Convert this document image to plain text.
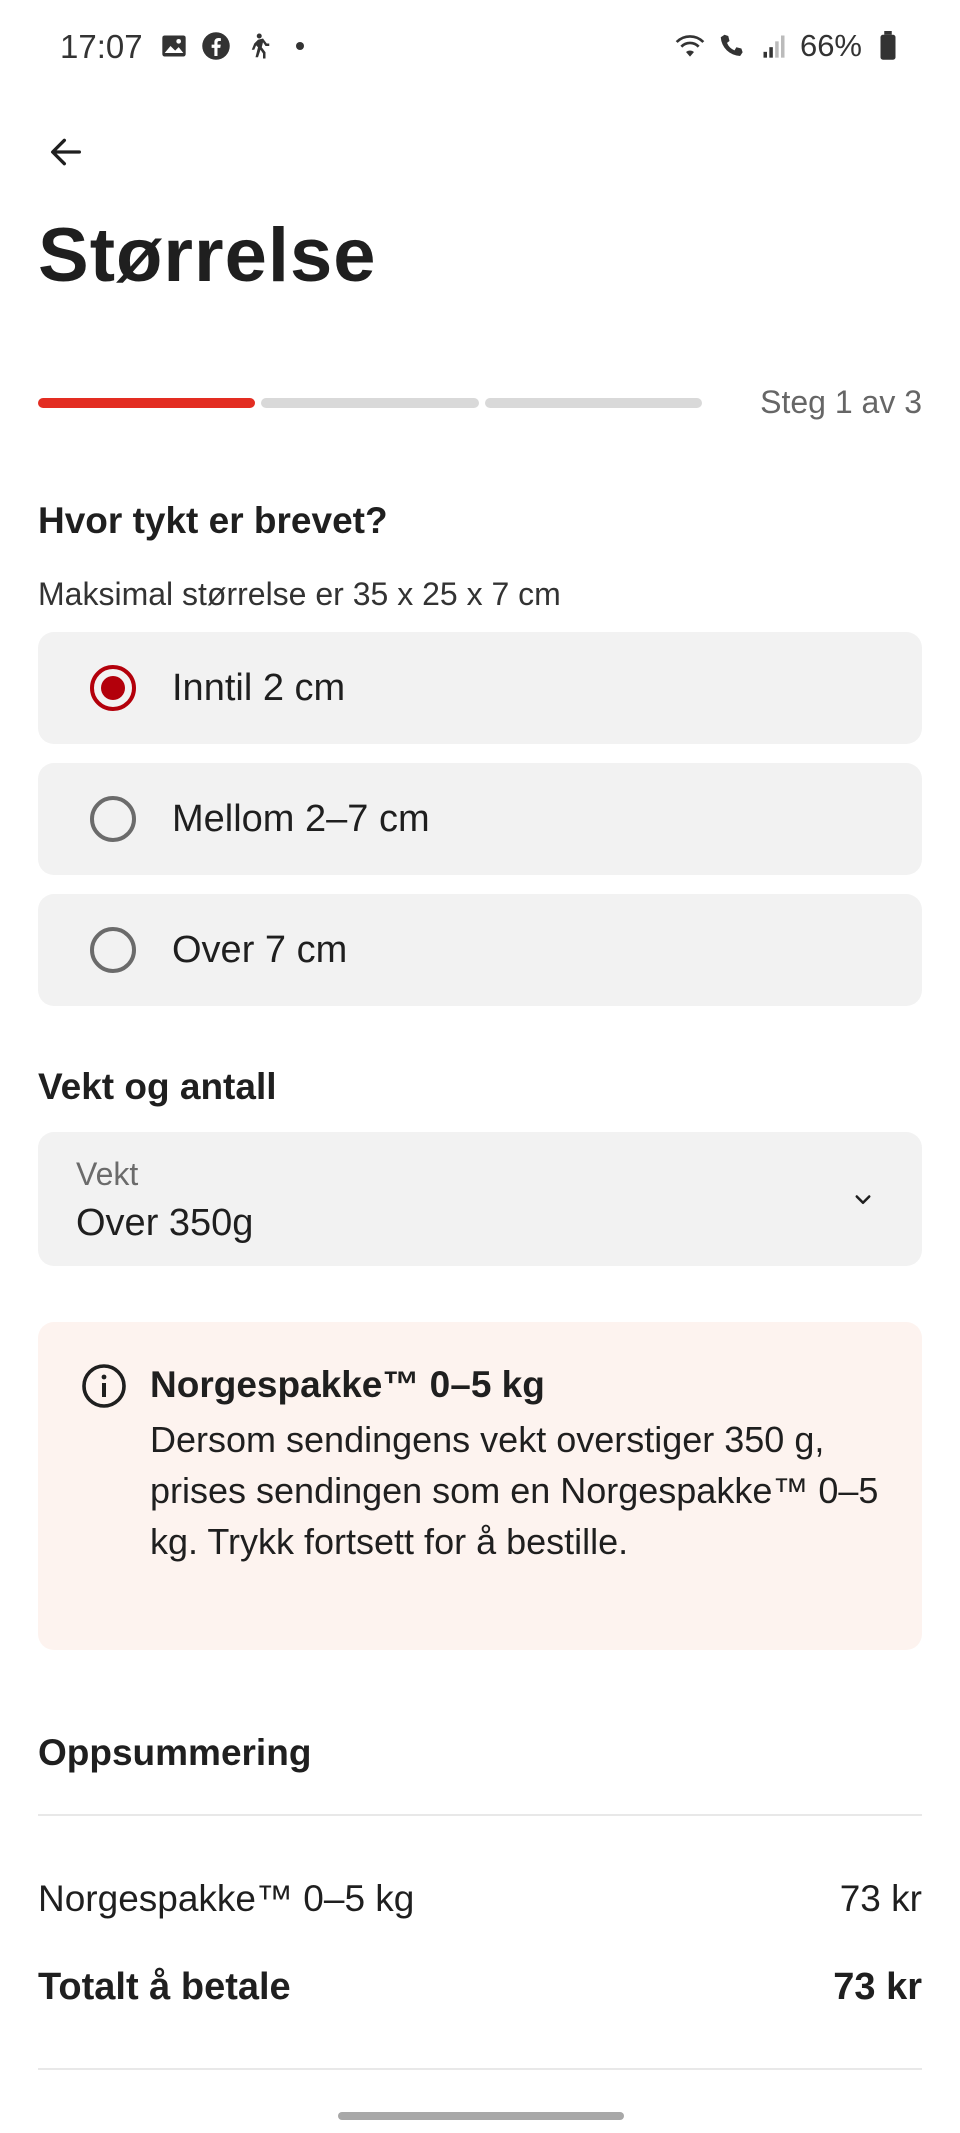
17:07	66%
Størrelse
Steg 1 av 3
Hvor tykt er brevet?
Maksimal størrelse er 35 x 25 x 7 cm
Inntil 2 cm
Mellom 2–7 cm
Over 7 cm
Vekt og antall
Vekt
Over 350g
Norgespakke™ 0–5 kg

Dersom sendingens vekt overstiger 350 g, prises sendingen som en Norgespakke™ 0–5 kg. Trykk fortsett for å bestille.

Oppsummering
Norgespakke™ 0–5 kg	73 kr
Totalt å betale	73 kr
